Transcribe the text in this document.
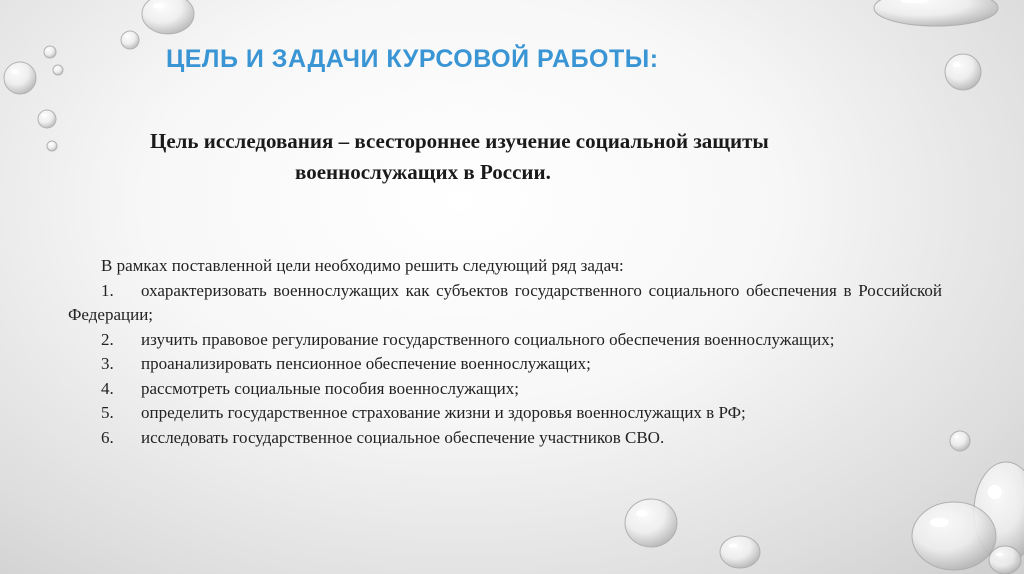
ЦЕЛЬ И ЗАДАЧИ КУРСОВОЙ РАБОТЫ:

Цель исследования – всестороннее изучение социальной защиты
военнослужащих в России.

В рамках поставленной цели необходимо решить следующий ряд задач:
1. охарактеризовать военнослужащих как субъектов государственного социального обеспечения в Российской Федерации;
2. изучить правовое регулирование государственного социального обеспечения военнослужащих;
3. проанализировать пенсионное обеспечение военнослужащих;
4. рассмотреть социальные пособия военнослужащих;
5. определить государственное страхование жизни и здоровья военнослужащих в РФ;
6. исследовать государственное социальное обеспечение участников СВО.
